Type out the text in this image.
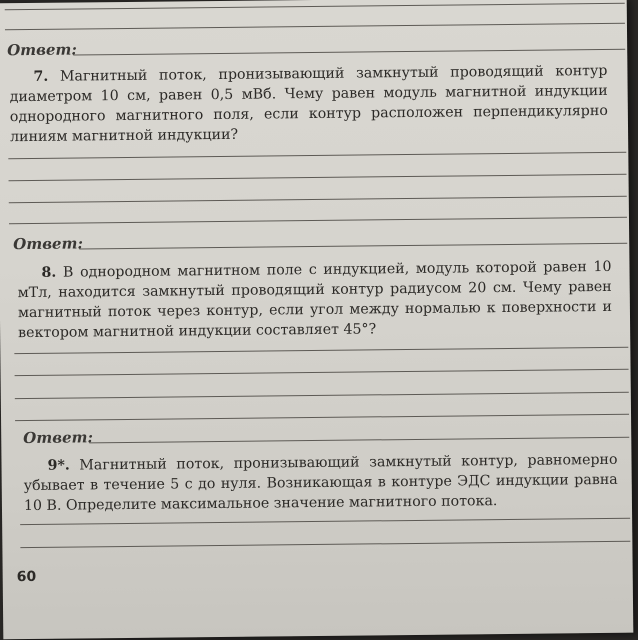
Ответ:
7. Магнитный поток, пронизывающий замкнутый проводящий контур диаметром 10 см, равен 0,5 мВб. Чему равен модуль магнитной индукции однородного магнитного поля, если контур расположен перпендикулярно линиям магнитной индукции?
Ответ:
8. В однородном магнитном поле с индукцией, модуль которой равен 10 мТл, находится замкнутый проводящий контур радиусом 20 см. Чему равен магнитный поток через контур, если угол между нормалью к поверхности и вектором магнитной индукции составляет 45°?
Ответ:
9*. Магнитный поток, пронизывающий замкнутый контур, равномерно убывает в течение 5 с до нуля. Возникающая в контуре ЭДС индукции равна 10 В. Определите максимальное значение магнитного потока.
60
